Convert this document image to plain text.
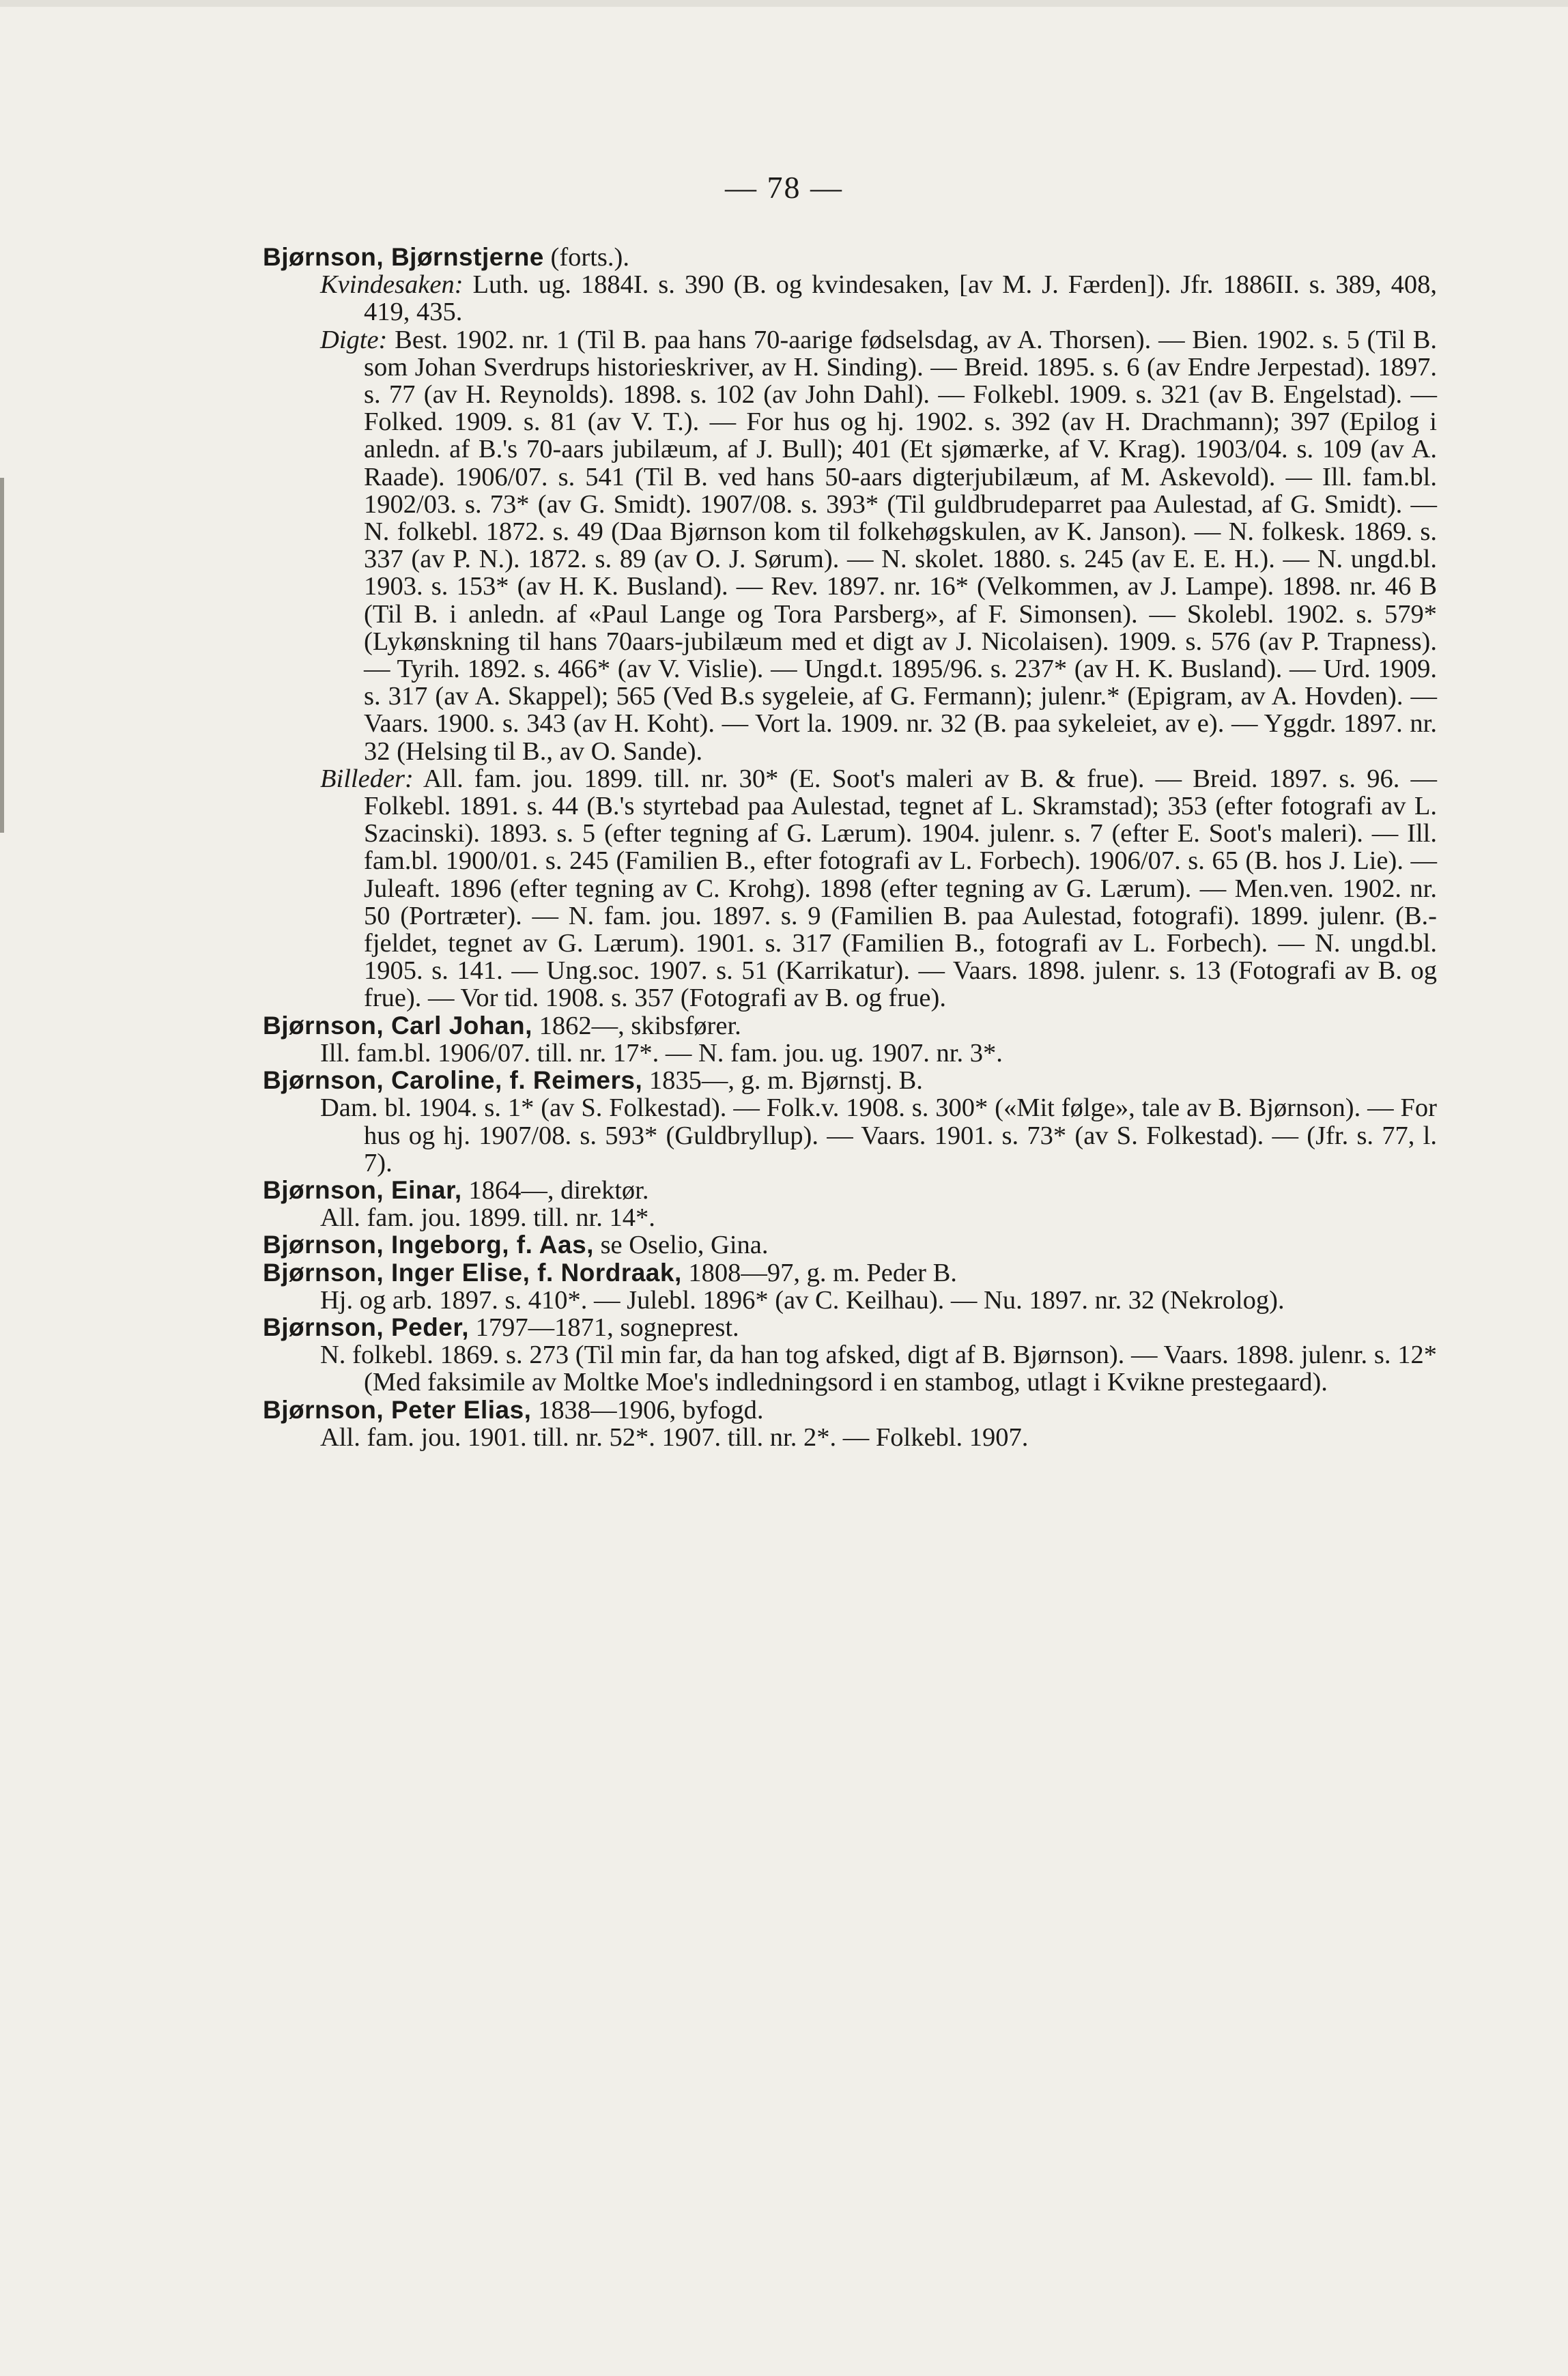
— 78 —
Bjørnson, Bjørnstjerne (forts.).
Kvindesaken: Luth. ug. 1884I. s. 390 (B. og kvindesaken, [av M. J. Færden]). Jfr. 1886II. s. 389, 408, 419, 435.
Digte: Best. 1902. nr. 1 (Til B. paa hans 70-aarige fødselsdag, av A. Thorsen). — Bien. 1902. s. 5 (Til B. som Johan Sverdrups historieskriver, av H. Sinding). — Breid. 1895. s. 6 (av Endre Jerpestad). 1897. s. 77 (av H. Reynolds). 1898. s. 102 (av John Dahl). — Folkebl. 1909. s. 321 (av B. Engelstad). — Folked. 1909. s. 81 (av V. T.). — For hus og hj. 1902. s. 392 (av H. Drachmann); 397 (Epilog i anledn. af B.'s 70-aars jubilæum, af J. Bull); 401 (Et sjømærke, af V. Krag). 1903/04. s. 109 (av A. Raade). 1906/07. s. 541 (Til B. ved hans 50-aars digterjubilæum, af M. Askevold). — Ill. fam.bl. 1902/03. s. 73* (av G. Smidt). 1907/08. s. 393* (Til guldbrudeparret paa Aulestad, af G. Smidt). — N. folkebl. 1872. s. 49 (Daa Bjørnson kom til folkehøgskulen, av K. Janson). — N. folkesk. 1869. s. 337 (av P. N.). 1872. s. 89 (av O. J. Sørum). — N. skolet. 1880. s. 245 (av E. E. H.). — N. ungd.bl. 1903. s. 153* (av H. K. Busland). — Rev. 1897. nr. 16* (Velkommen, av J. Lampe). 1898. nr. 46 B (Til B. i anledn. af «Paul Lange og Tora Parsberg», af F. Simonsen). — Skolebl. 1902. s. 579* (Lykønskning til hans 70aars-jubilæum med et digt av J. Nicolaisen). 1909. s. 576 (av P. Trapness). — Tyrih. 1892. s. 466* (av V. Vislie). — Ungd.t. 1895/96. s. 237* (av H. K. Busland). — Urd. 1909. s. 317 (av A. Skappel); 565 (Ved B.s sygeleie, af G. Fermann); julenr.* (Epigram, av A. Hovden). — Vaars. 1900. s. 343 (av H. Koht). — Vort la. 1909. nr. 32 (B. paa sykeleiet, av e). — Yggdr. 1897. nr. 32 (Helsing til B., av O. Sande).
Billeder: All. fam. jou. 1899. till. nr. 30* (E. Soot's maleri av B. & frue). — Breid. 1897. s. 96. — Folkebl. 1891. s. 44 (B.'s styrtebad paa Aulestad, tegnet af L. Skramstad); 353 (efter fotografi av L. Szacinski). 1893. s. 5 (efter tegning af G. Lærum). 1904. julenr. s. 7 (efter E. Soot's maleri). — Ill. fam.bl. 1900/01. s. 245 (Familien B., efter fotografi av L. Forbech). 1906/07. s. 65 (B. hos J. Lie). — Juleaft. 1896 (efter tegning av C. Krohg). 1898 (efter tegning av G. Lærum). — Men.ven. 1902. nr. 50 (Portræter). — N. fam. jou. 1897. s. 9 (Familien B. paa Aulestad, fotografi). 1899. julenr. (B.-fjeldet, tegnet av G. Lærum). 1901. s. 317 (Familien B., fotografi av L. Forbech). — N. ungd.bl. 1905. s. 141. — Ung.soc. 1907. s. 51 (Karrikatur). — Vaars. 1898. julenr. s. 13 (Fotografi av B. og frue). — Vor tid. 1908. s. 357 (Fotografi av B. og frue).
Bjørnson, Carl Johan, 1862—, skibsfører.
Ill. fam.bl. 1906/07. till. nr. 17*. — N. fam. jou. ug. 1907. nr. 3*.
Bjørnson, Caroline, f. Reimers, 1835—, g. m. Bjørnstj. B.
Dam. bl. 1904. s. 1* (av S. Folkestad). — Folk.v. 1908. s. 300* («Mit følge», tale av B. Bjørnson). — For hus og hj. 1907/08. s. 593* (Guldbryllup). — Vaars. 1901. s. 73* (av S. Folkestad). — (Jfr. s. 77, l. 7).
Bjørnson, Einar, 1864—, direktør.
All. fam. jou. 1899. till. nr. 14*.
Bjørnson, Ingeborg, f. Aas, se Oselio, Gina.
Bjørnson, Inger Elise, f. Nordraak, 1808—97, g. m. Peder B.
Hj. og arb. 1897. s. 410*. — Julebl. 1896* (av C. Keilhau). — Nu. 1897. nr. 32 (Nekrolog).
Bjørnson, Peder, 1797—1871, sogneprest.
N. folkebl. 1869. s. 273 (Til min far, da han tog afsked, digt af B. Bjørnson). — Vaars. 1898. julenr. s. 12* (Med faksimile av Moltke Moe's indledningsord i en stambog, utlagt i Kvikne prestegaard).
Bjørnson, Peter Elias, 1838—1906, byfogd.
All. fam. jou. 1901. till. nr. 52*. 1907. till. nr. 2*. — Folkebl. 1907.
